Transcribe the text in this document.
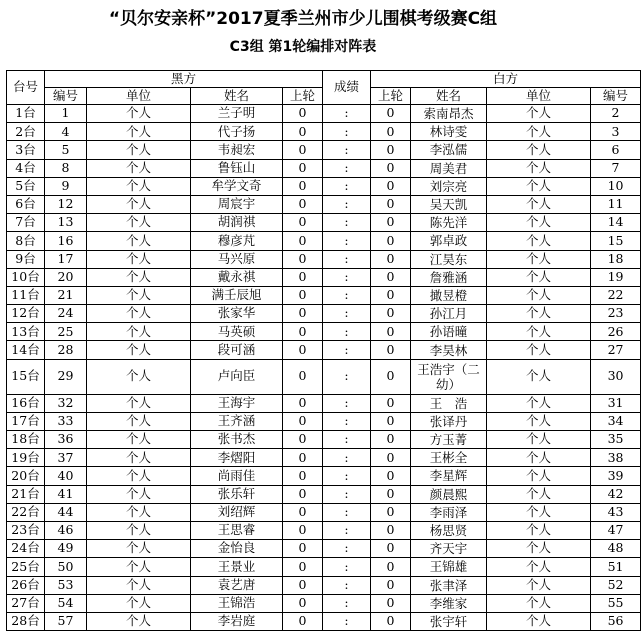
“贝尔安亲杯”2017夏季兰州市少儿围棋考级赛C组
C3组 第1轮编排对阵表
台号	黑方				成绩	白方			
	编号	单位	姓名	上轮		上轮	姓名	单位	编号
1台	1	个人	兰子明	0	:	0	索南昂杰	个人	2
2台	4	个人	代子扬	0	:	0	林诗雯	个人	3
3台	5	个人	韦昶宏	0	:	0	李泓儒	个人	6
4台	8	个人	鲁钰山	0	:	0	周美君	个人	7
5台	9	个人	牟学文奇	0	:	0	刘宗亮	个人	10
6台	12	个人	周宸宇	0	:	0	吴天凯	个人	11
7台	13	个人	胡润祺	0	:	0	陈先洋	个人	14
8台	16	个人	穆彦芃	0	:	0	郭卓政	个人	15
9台	17	个人	马兴原	0	:	0	江昊东	个人	18
10台	20	个人	戴永祺	0	:	0	詹雅涵	个人	19
11台	21	个人	满壬辰旭	0	:	0	撖昱橙	个人	22
12台	24	个人	张家华	0	:	0	孙江月	个人	23
13台	25	个人	马英硕	0	:	0	孙语曈	个人	26
14台	28	个人	段可涵	0	:	0	李昊林	个人	27
15台	29	个人	卢向臣	0	:	0	王浩宇（二幼）	个人	30
16台	32	个人	王海宇	0	:	0	王　浩	个人	31
17台	33	个人	王齐涵	0	:	0	张译丹	个人	34
18台	36	个人	张书杰	0	:	0	方玉菁	个人	35
19台	37	个人	李熠阳	0	:	0	王彬全	个人	38
20台	40	个人	尚雨佳	0	:	0	李星辉	个人	39
21台	41	个人	张乐轩	0	:	0	颜晨熙	个人	42
22台	44	个人	刘绍辉	0	:	0	李雨泽	个人	43
23台	46	个人	王思睿	0	:	0	杨思贤	个人	47
24台	49	个人	金怡良	0	:	0	齐天宇	个人	48
25台	50	个人	王景业	0	:	0	王锦雄	个人	51
26台	53	个人	袁艺唐	0	:	0	张聿泽	个人	52
27台	54	个人	王锦浩	0	:	0	李维家	个人	55
28台	57	个人	李岩庭	0	:	0	张宇轩	个人	56
